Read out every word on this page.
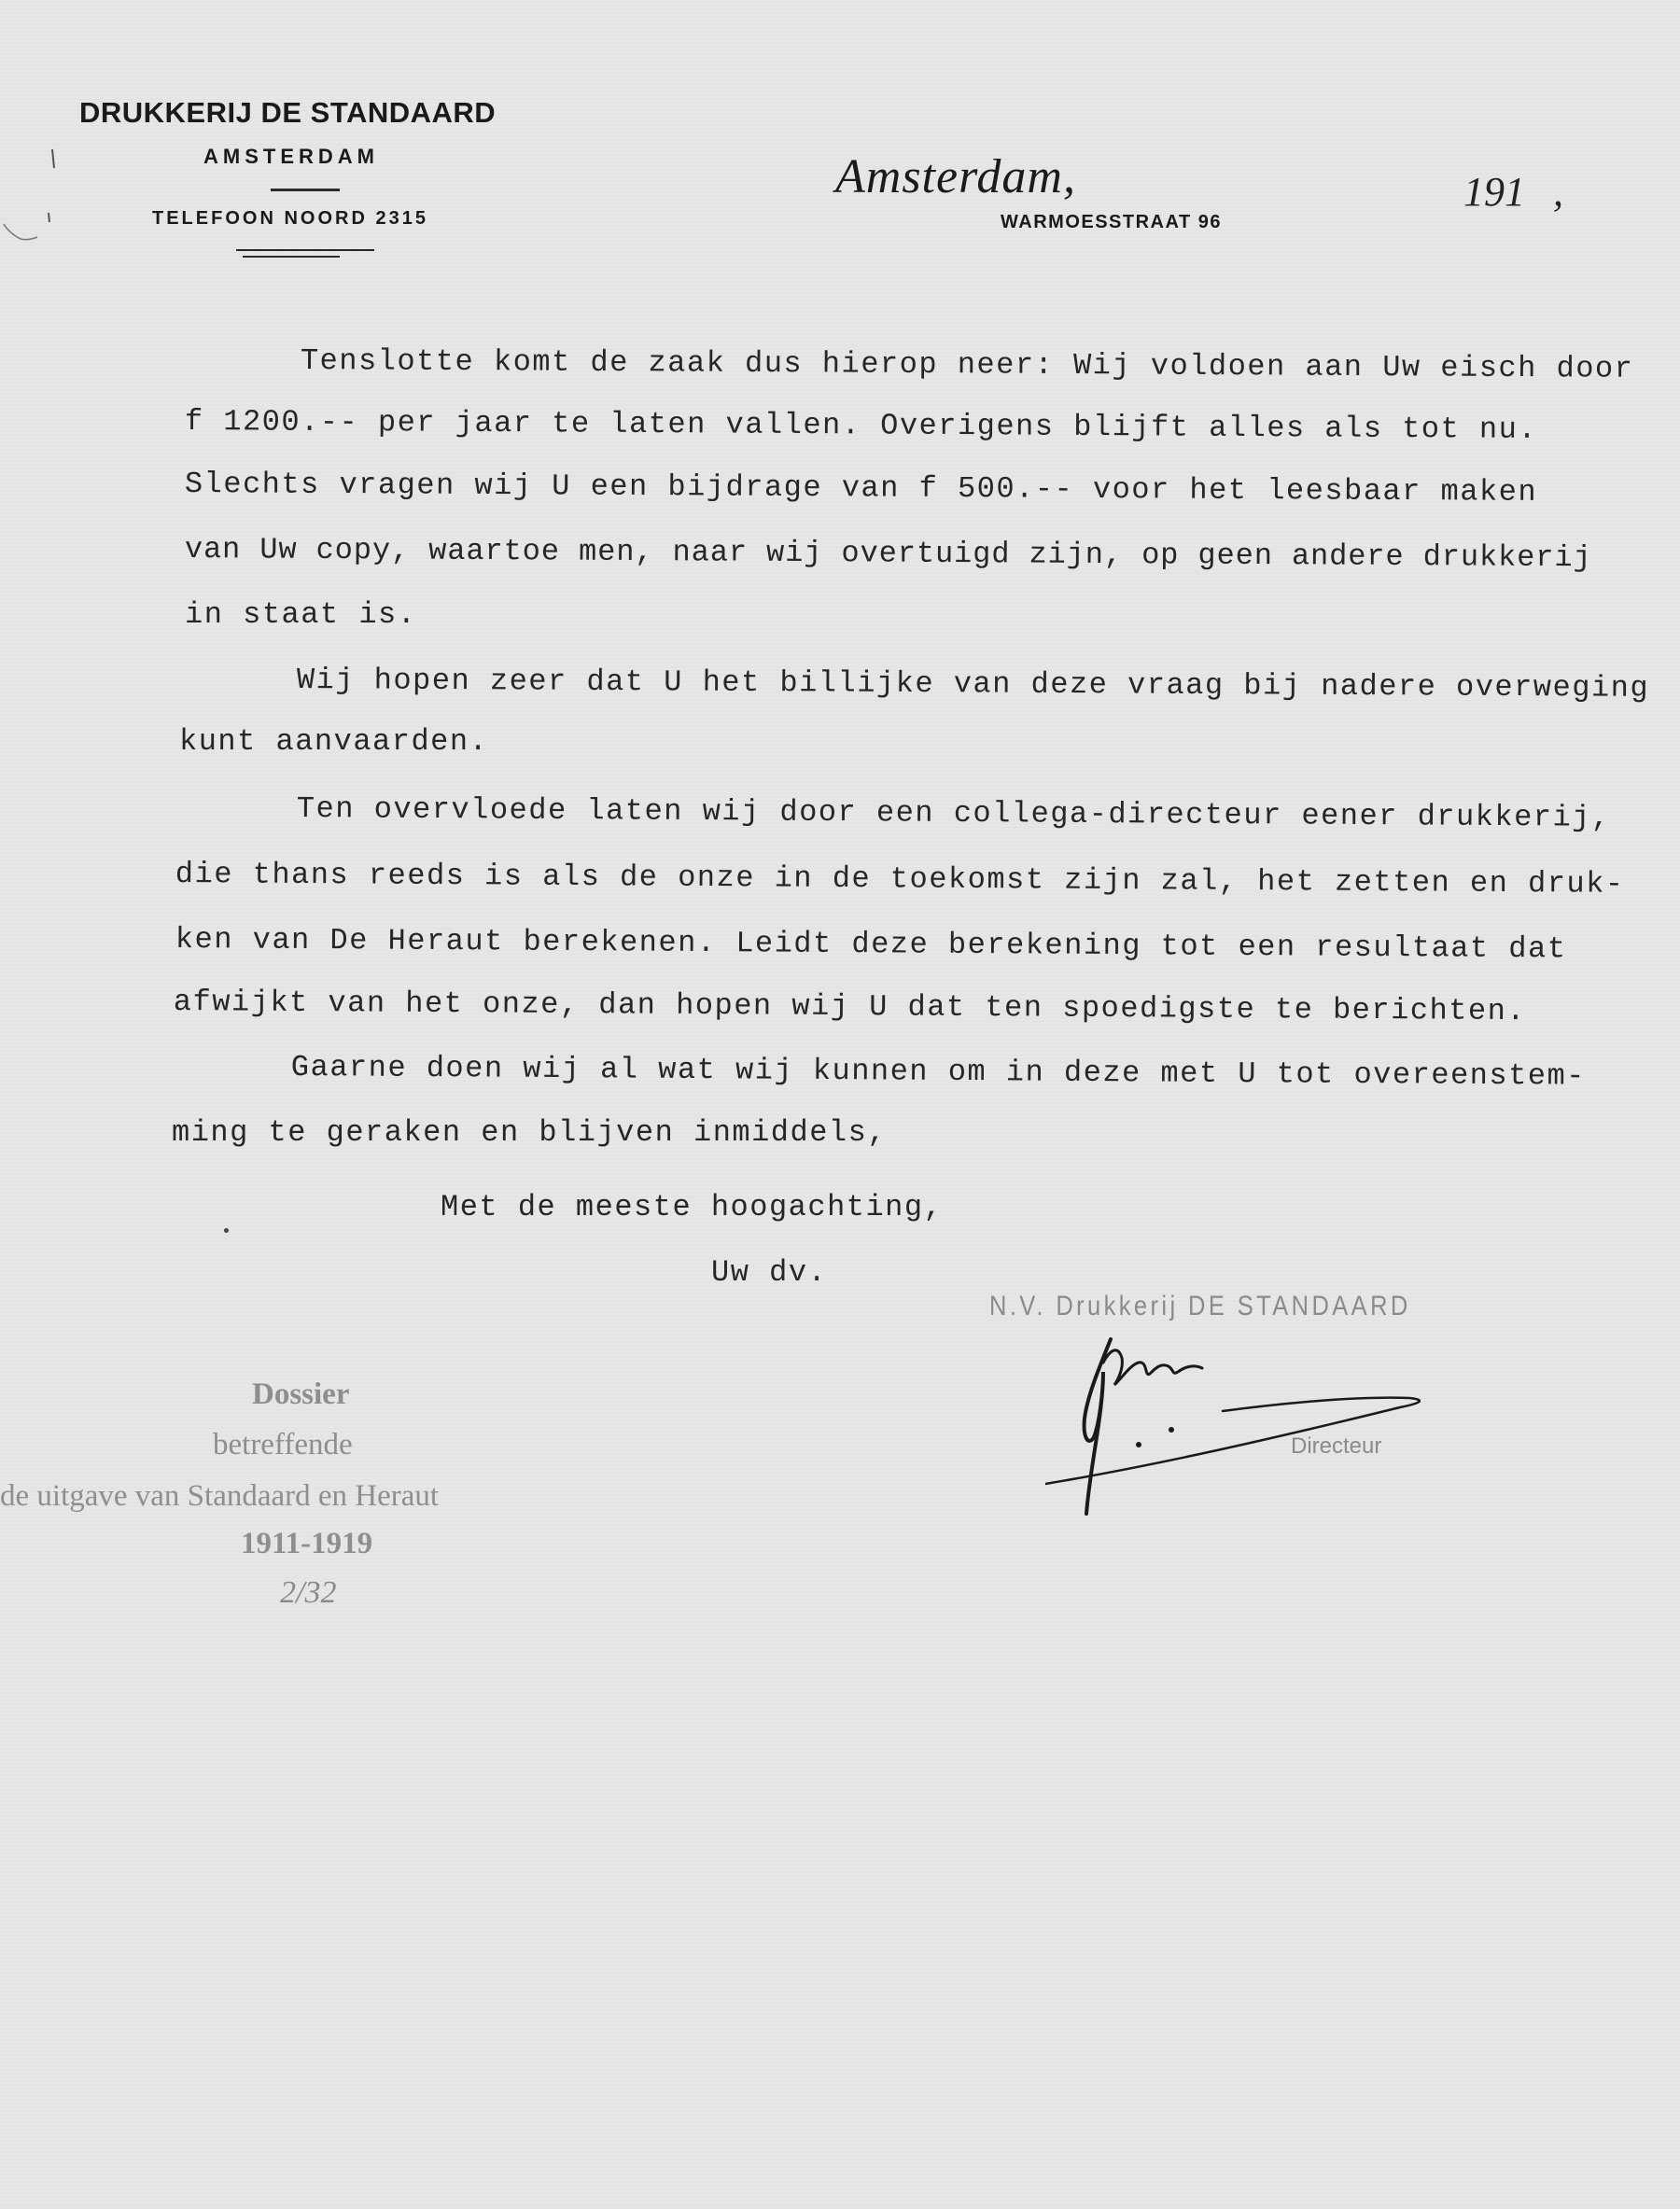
DRUKKERIJ DE STANDAARD
AMSTERDAM
TELEFOON NOORD 2315
Amsterdam,	191 ,
WARMOESSTRAAT 96
Tenslotte komt de zaak dus hierop neer: Wij voldoen aan Uw eisch door
f 1200.-- per jaar te laten vallen. Overigens blijft alles als tot nu.
Slechts vragen wij U een bijdrage van f 500.-- voor het leesbaar maken
van Uw copy, waartoe men, naar wij overtuigd zijn, op geen andere drukkerij
in staat is.
Wij hopen zeer dat U het billijke van deze vraag bij nadere overweging
kunt aanvaarden.
Ten overvloede laten wij door een collega-directeur eener drukkerij,
die thans reeds is als de onze in de toekomst zijn zal, het zetten en druk-
ken van De Heraut berekenen. Leidt deze berekening tot een resultaat dat
afwijkt van het onze, dan hopen wij U dat ten spoedigste te berichten.
Gaarne doen wij al wat wij kunnen om in deze met U tot overeenstem-
ming te geraken en blijven inmiddels,
Met de meeste hoogachting,
Uw dv.
N.V. Drukkerij DE STANDAARD
Directeur
Dossier
betreffende
de uitgave van Standaard en Heraut
1911-1919
2/32
